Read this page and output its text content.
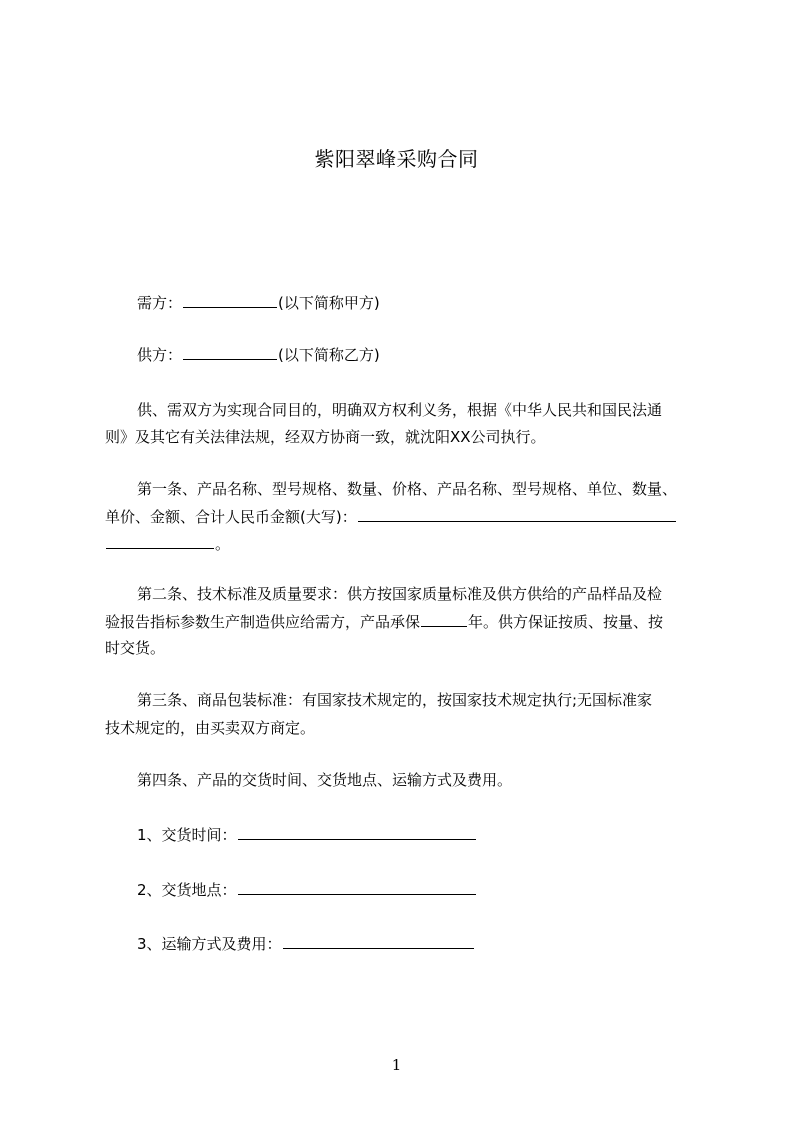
紫阳翠峰采购合同
需方：	(以下简称甲方)
供方：	(以下简称乙方)
供、需双方为实现合同目的，明确双方权利义务，根据《中华人民共和国民法通
则》及其它有关法律法规，经双方协商一致，就沈阳XX公司执行。
第一条、产品名称、型号规格、数量、价格、产品名称、型号规格、单位、数量、
单价、金额、合计人民币金额(大写)：
。
第二条、技术标准及质量要求：供方按国家质量标准及供方供给的产品样品及检
验报告指标参数生产制造供应给需方，产品承保	年。供方保证按质、按量、按
时交货。
第三条、商品包装标准：有国家技术规定的，按国家技术规定执行;无国标准家
技术规定的，由买卖双方商定。
第四条、产品的交货时间、交货地点、运输方式及费用。
1、交货时间：
2、交货地点：
3、运输方式及费用：
1
